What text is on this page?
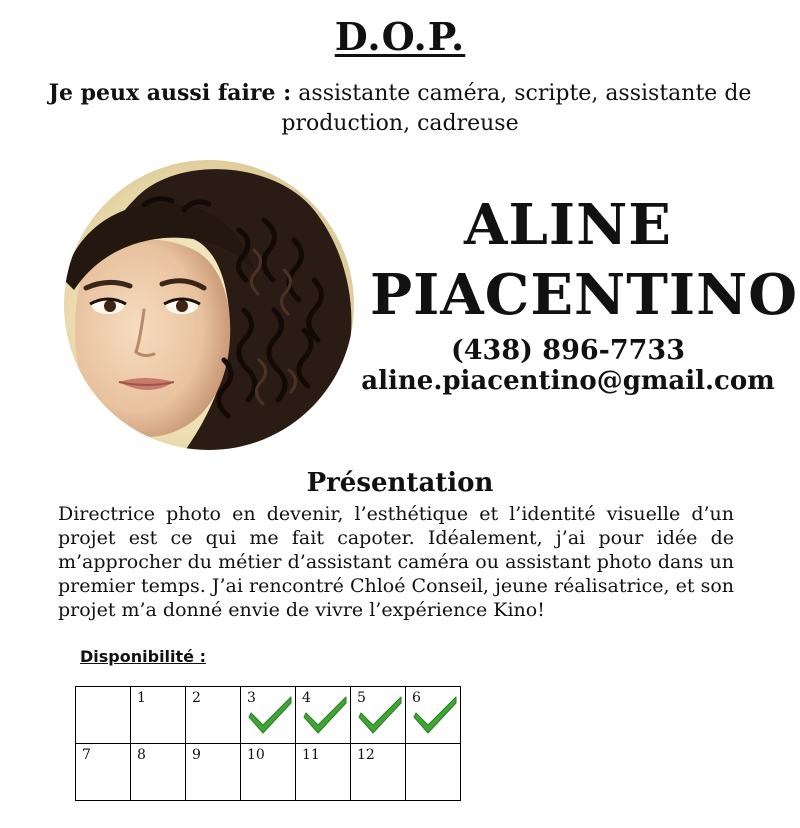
D.O.P.
Je peux aussi faire : assistante caméra, scripte, assistante de production, cadreuse
ALINE
PIACENTINO
(438) 896-7733
aline.piacentino@gmail.com
Présentation
Directrice photo en devenir, l’esthétique et l’identité visuelle d’un projet est ce qui me fait capoter. Idéalement, j’ai pour idée de m’approcher du métier d’assistant caméra ou assistant photo dans un premier temps. J’ai rencontré Chloé Conseil, jeune réalisatrice, et son projet m’a donné envie de vivre l’expérience Kino!
Disponibilité :

	1	2	3	4	5	6

7	8	9	10	11	12	
